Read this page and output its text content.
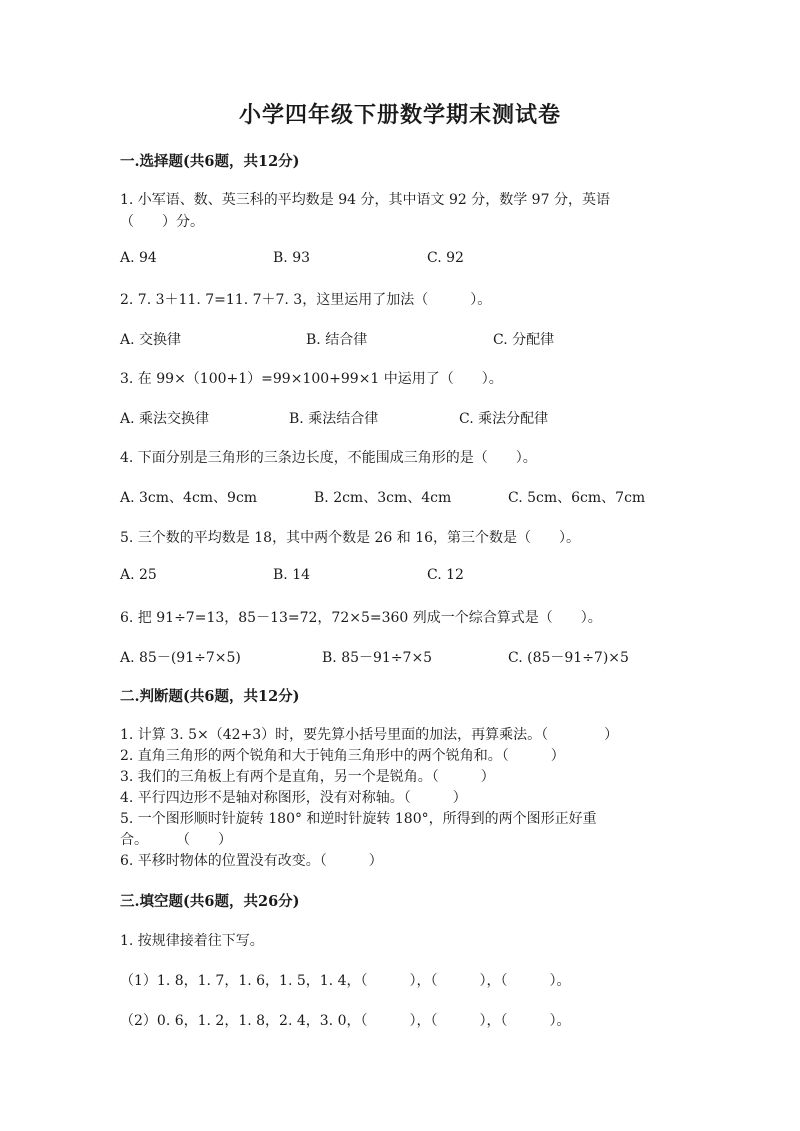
小学四年级下册数学期末测试卷
一.选择题(共6题，共12分)
1. 小军语、数、英三科的平均数是 94 分，其中语文 92 分，数学 97 分，英语
（　　）分。
A. 94	B. 93	C. 92
2. 7. 3＋11. 7=11. 7＋7. 3，这里运用了加法（　　　）。
A. 交换律	B. 结合律	C. 分配律
3. 在 99×（100+1）=99×100+99×1 中运用了（　　）。
A. 乘法交换律	B. 乘法结合律	C. 乘法分配律
4. 下面分别是三角形的三条边长度，不能围成三角形的是（　　）。
A. 3cm、4cm、9cm	B. 2cm、3cm、4cm	C. 5cm、6cm、7cm
5. 三个数的平均数是 18，其中两个数是 26 和 16，第三个数是（　　）。
A. 25	B. 14	C. 12
6. 把 91÷7=13，85－13=72，72×5=360 列成一个综合算式是（　　）。
A. 85－(91÷7×5)	B. 85－91÷7×5	C. (85－91÷7)×5
二.判断题(共6题，共12分)
1. 计算 3. 5×（42+3）时，要先算小括号里面的加法，再算乘法。（　　　　）
2. 直角三角形的两个锐角和大于钝角三角形中的两个锐角和。（　　　）
3. 我们的三角板上有两个是直角，另一个是锐角。（　　　）
4. 平行四边形不是轴对称图形，没有对称轴。（　　　）
5. 一个图形顺时针旋转 180° 和逆时针旋转 180°，所得到的两个图形正好重
合。　　　（　　）
6. 平移时物体的位置没有改变。（　　　）
三.填空题(共6题，共26分)
1. 按规律接着往下写。
（1）1. 8，1. 7，1. 6，1. 5，1. 4，（　　　），（　　　），（　　　）。
（2）0. 6，1. 2，1. 8，2. 4，3. 0，（　　　），（　　　），（　　　）。
